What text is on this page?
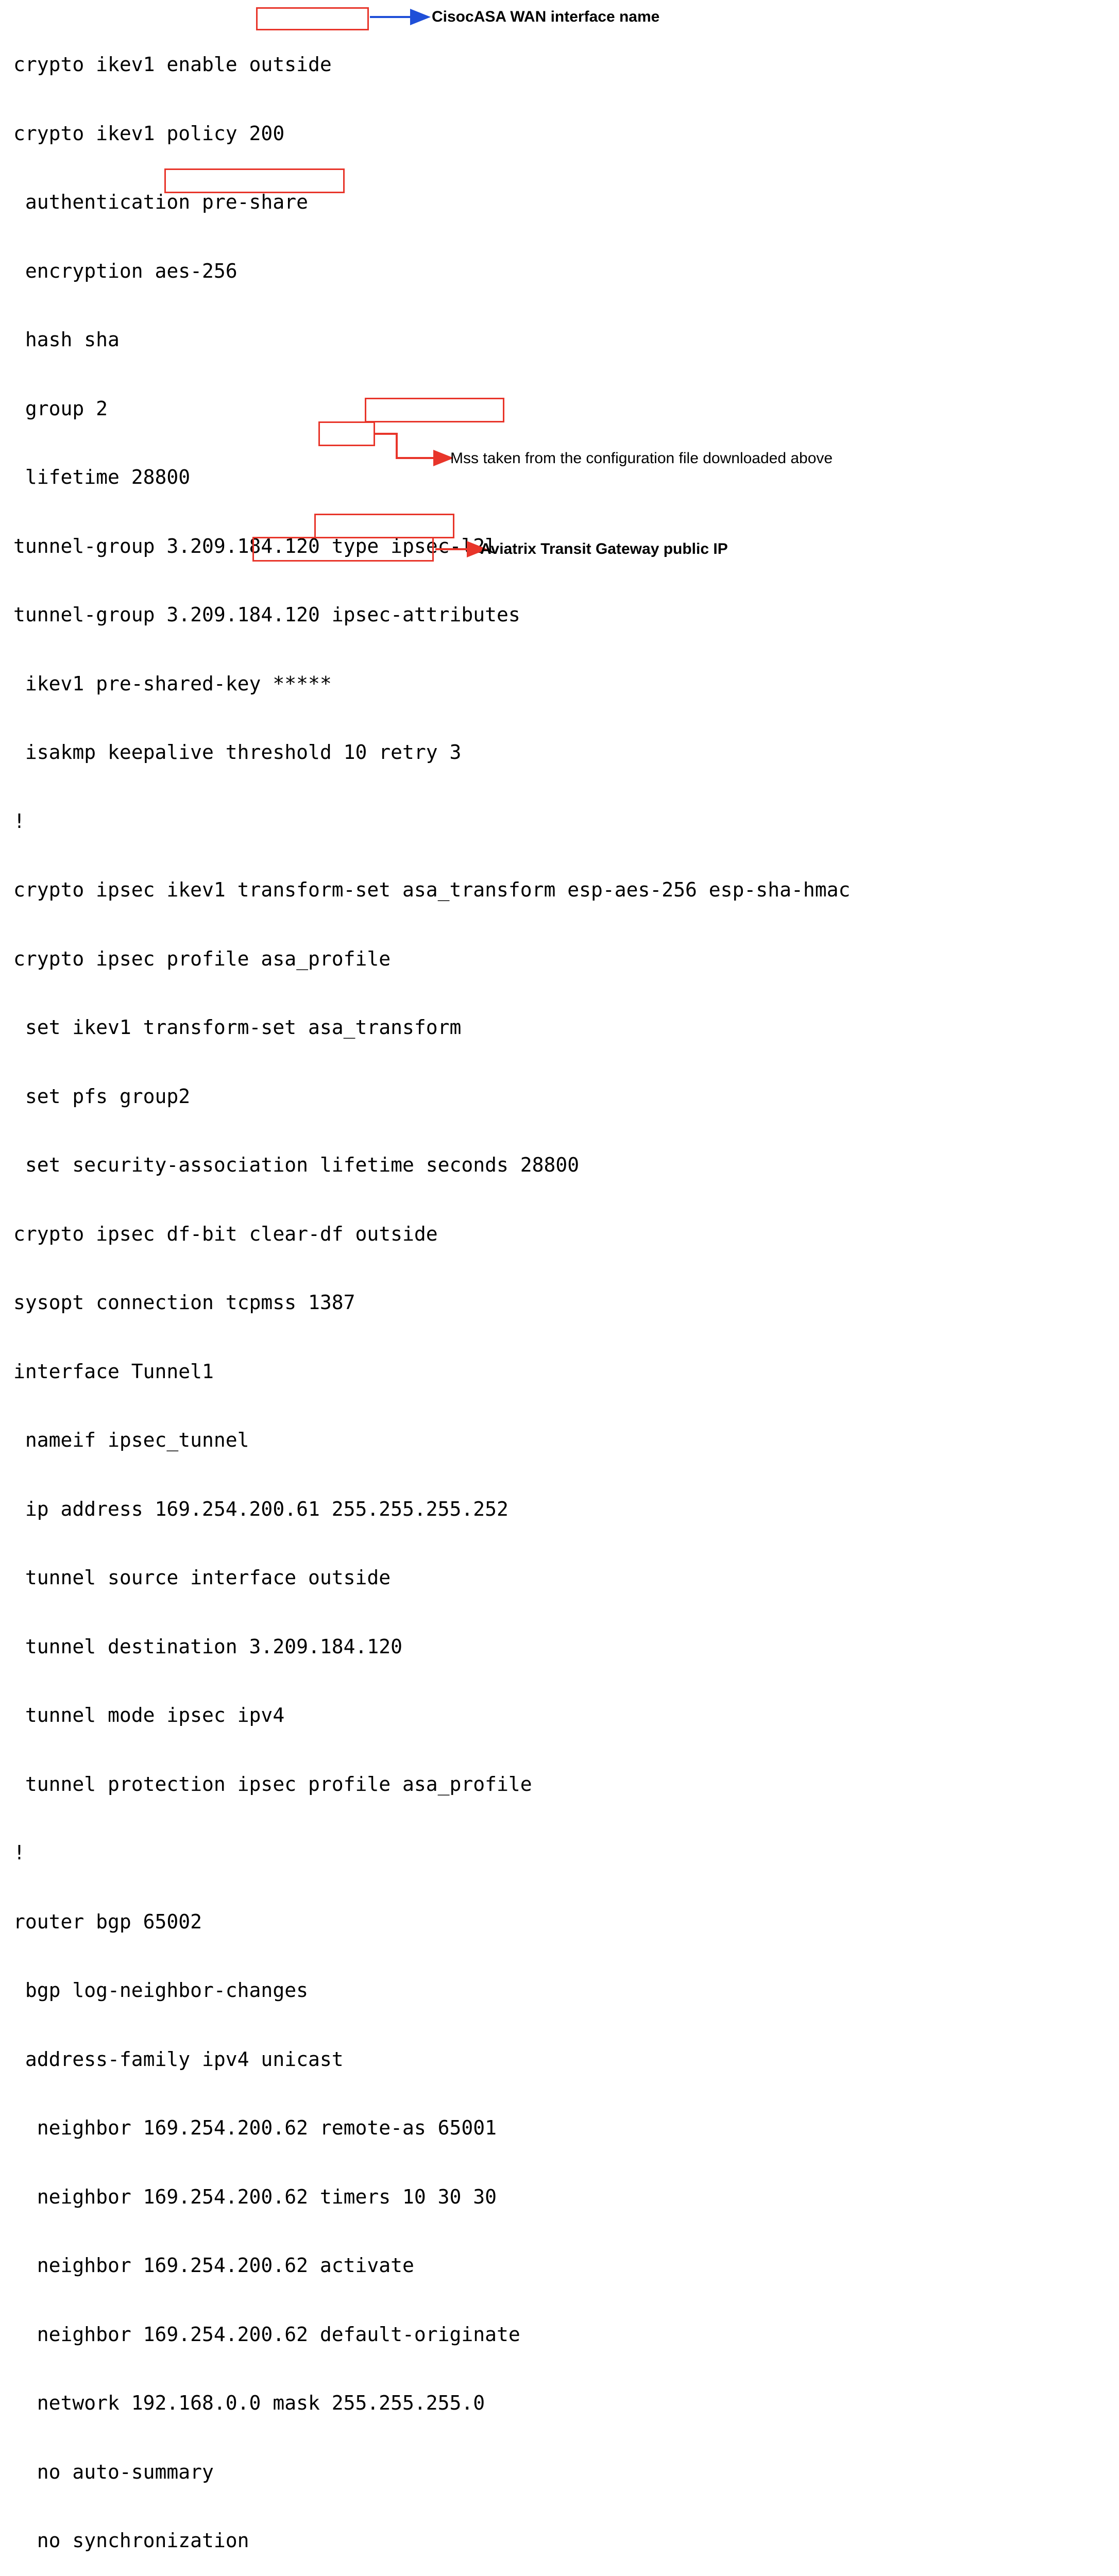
crypto ikev1 enable outside

crypto ikev1 policy 200

authentication pre-share

encryption aes-256

hash sha

group 2

lifetime 28800

tunnel-group 3.209.184.120 type ipsec-l2l

tunnel-group 3.209.184.120 ipsec-attributes

ikev1 pre-shared-key *****

isakmp keepalive threshold 10 retry 3

!

crypto ipsec ikev1 transform-set asa_transform esp-aes-256 esp-sha-hmac

crypto ipsec profile asa_profile

set ikev1 transform-set asa_transform

set pfs group2

set security-association lifetime seconds 28800

crypto ipsec df-bit clear-df outside

sysopt connection tcpmss 1387

interface Tunnel1

nameif ipsec_tunnel

ip address 169.254.200.61 255.255.255.252

tunnel source interface outside

tunnel destination 3.209.184.120

tunnel mode ipsec ipv4

tunnel protection ipsec profile asa_profile

!

router bgp 65002

bgp log-neighbor-changes

address-family ipv4 unicast

neighbor 169.254.200.62 remote-as 65001

neighbor 169.254.200.62 timers 10 30 30

neighbor 169.254.200.62 activate

neighbor 169.254.200.62 default-originate

network 192.168.0.0 mask 255.255.255.0

no auto-summary

no synchronization

CisocASA WAN interface name
Mss taken from the configuration file downloaded above
Aviatrix Transit Gateway public IP
